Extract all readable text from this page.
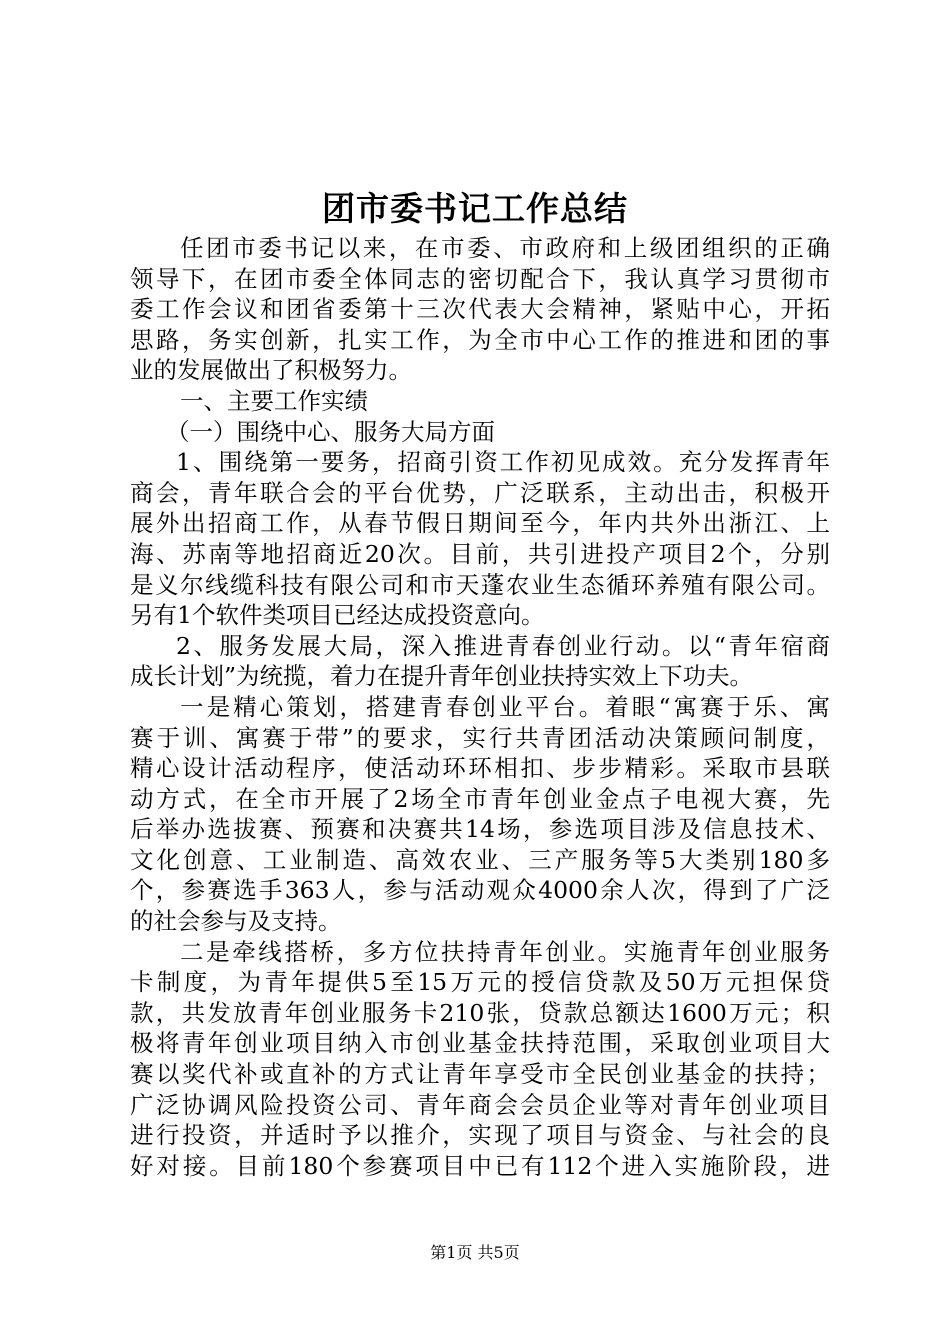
团市委书记工作总结
任团市委书记以来，在市委、市政府和上级团组织的正确
领导下，在团市委全体同志的密切配合下，我认真学习贯彻市
委工作会议和团省委第十三次代表大会精神，紧贴中心，开拓
思路，务实创新，扎实工作，为全市中心工作的推进和团的事
业的发展做出了积极努力。
一、主要工作实绩
（一）围绕中心、服务大局方面
1、围绕第一要务，招商引资工作初见成效。充分发挥青年
商会，青年联合会的平台优势，广泛联系，主动出击，积极开
展外出招商工作，从春节假日期间至今，年内共外出浙江、上
海、苏南等地招商近20次。目前，共引进投产项目2个，分别
是义尔线缆科技有限公司和市天蓬农业生态循环养殖有限公司。
另有1个软件类项目已经达成投资意向。
2、服务发展大局，深入推进青春创业行动。以“青年宿商
成长计划”为统揽，着力在提升青年创业扶持实效上下功夫。
一是精心策划，搭建青春创业平台。着眼“寓赛于乐、寓
赛于训、寓赛于带”的要求，实行共青团活动决策顾问制度，
精心设计活动程序，使活动环环相扣、步步精彩。采取市县联
动方式，在全市开展了2场全市青年创业金点子电视大赛，先
后举办选拔赛、预赛和决赛共14场，参选项目涉及信息技术、
文化创意、工业制造、高效农业、三产服务等5大类别180多
个，参赛选手363人，参与活动观众4000余人次，得到了广泛
的社会参与及支持。
二是牵线搭桥，多方位扶持青年创业。实施青年创业服务
卡制度，为青年提供5至15万元的授信贷款及50万元担保贷
款，共发放青年创业服务卡210张，贷款总额达1600万元；积
极将青年创业项目纳入市创业基金扶持范围，采取创业项目大
赛以奖代补或直补的方式让青年享受市全民创业基金的扶持；
广泛协调风险投资公司、青年商会会员企业等对青年创业项目
进行投资，并适时予以推介，实现了项目与资金、与社会的良
好对接。目前180个参赛项目中已有112个进入实施阶段，进
第1页 共5页
